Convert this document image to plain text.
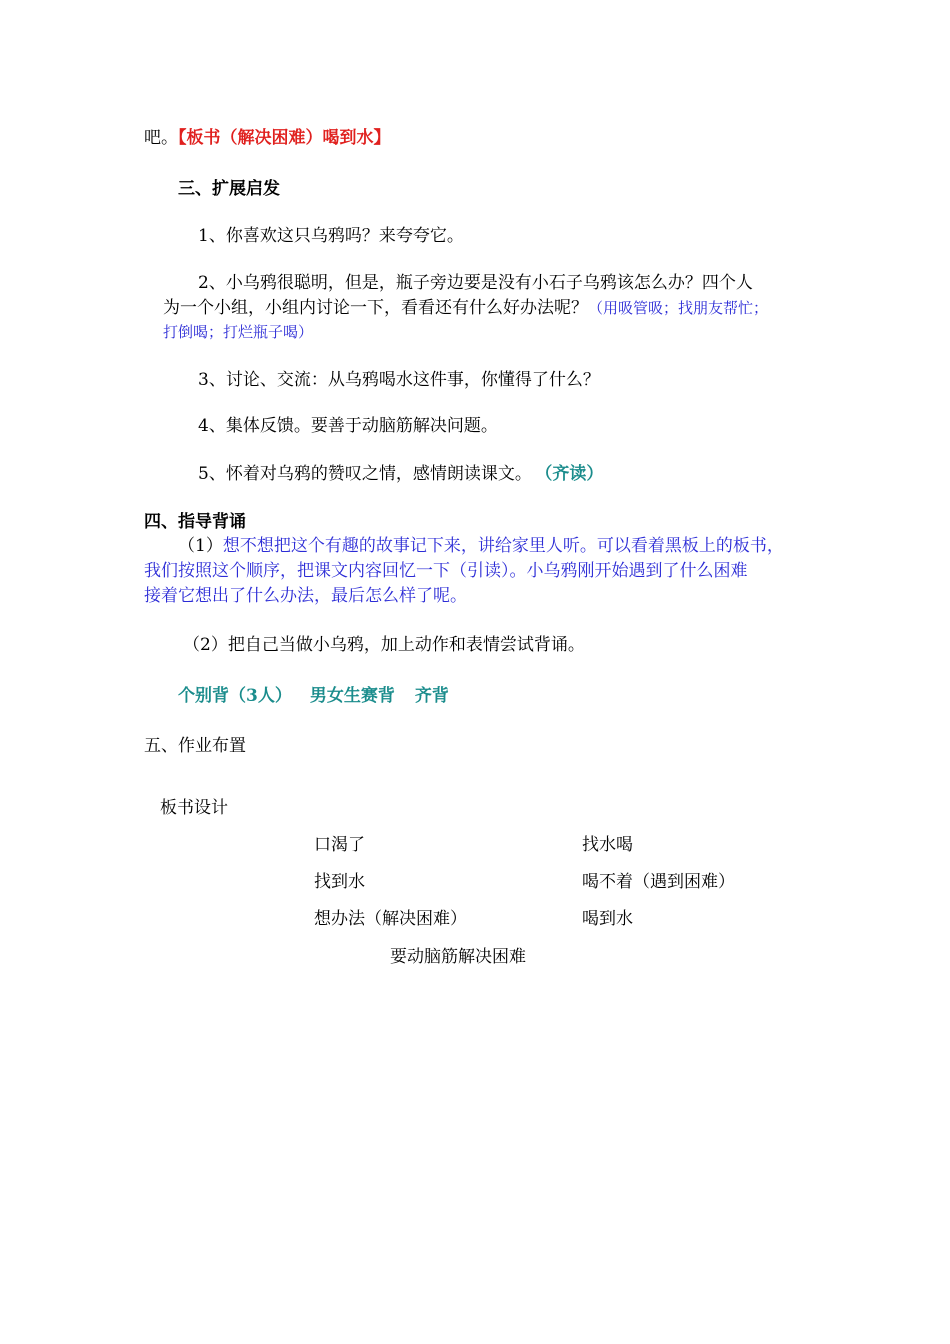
吧。【板书（解决困难）喝到水】
三、扩展启发
1、你喜欢这只乌鸦吗？来夸夸它。
2、小乌鸦很聪明，但是，瓶子旁边要是没有小石子乌鸦该怎么办？四个人
为一个小组，小组内讨论一下，看看还有什么好办法呢？（用吸管吸；找朋友帮忙；
打倒喝；打烂瓶子喝）
3、讨论、交流：从乌鸦喝水这件事，你懂得了什么？
4、集体反馈。要善于动脑筋解决问题。
5、怀着对乌鸦的赞叹之情，感情朗读课文。 （齐读）
四、指导背诵
（1）想不想把这个有趣的故事记下来，讲给家里人听。可以看着黑板上的板书，
我们按照这个顺序，把课文内容回忆一下（引读）。小乌鸦刚开始遇到了什么困难
接着它想出了什么办法，最后怎么样了呢。
（2）把自己当做小乌鸦，加上动作和表情尝试背诵。
个别背（3人） 男女生赛背 齐背
五、作业布置
板书设计
口渴了
找到水
想办法（解决困难）
找水喝
喝不着（遇到困难）
喝到水
要动脑筋解决困难
